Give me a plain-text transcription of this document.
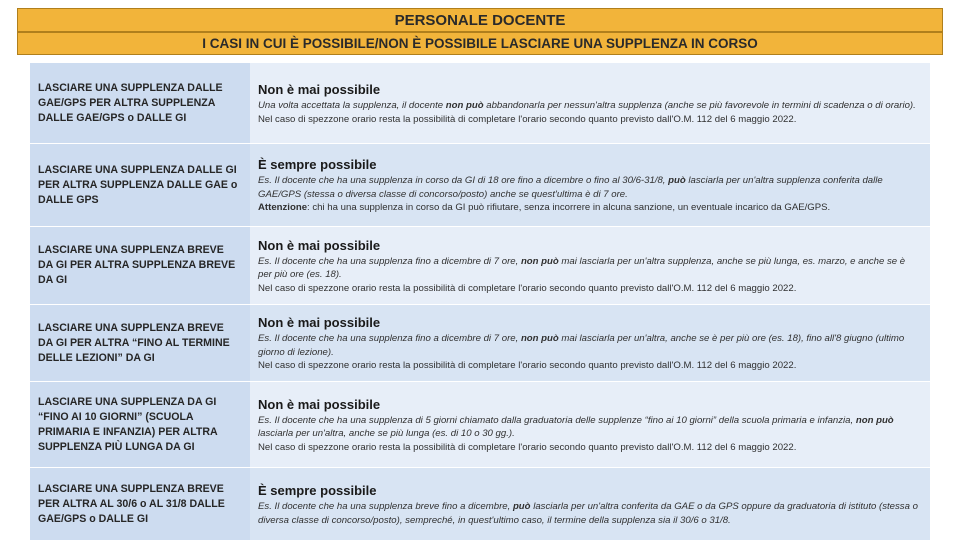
PERSONALE DOCENTE
I CASI IN CUI È POSSIBILE/NON È POSSIBILE LASCIARE UNA SUPPLENZA IN CORSO
LASCIARE UNA SUPPLENZA DALLE GAE/GPS PER ALTRA SUPPLENZA DALLE GAE/GPS o DALLE GI
Non è mai possibile
Una volta accettata la supplenza, il docente non può abbandonarla per nessun'altra supplenza (anche se più favorevole in termini di scadenza o di orario).
Nel caso di spezzone orario resta la possibilità di completare l'orario secondo quanto previsto dall'O.M. 112 del 6 maggio 2022.
LASCIARE UNA SUPPLENZA DALLE GI PER ALTRA SUPPLENZA DALLE GAE o DALLE GPS
È sempre possibile
Es. Il docente che ha una supplenza in corso da GI di 18 ore fino a dicembre o fino al 30/6-31/8, può lasciarla per un'altra supplenza conferita dalle GAE/GPS (stessa o diversa classe di concorso/posto) anche se quest'ultima è di 7 ore.
Attenzione: chi ha una supplenza in corso da GI può rifiutare, senza incorrere in alcuna sanzione, un eventuale incarico da GAE/GPS.
LASCIARE UNA SUPPLENZA BREVE DA GI PER ALTRA SUPPLENZA BREVE DA GI
Non è mai possibile
Es. Il docente che ha una supplenza fino a dicembre di 7 ore, non può mai lasciarla per un'altra supplenza, anche se più lunga, es. marzo, e anche se è per più ore (es. 18).
Nel caso di spezzone orario resta la possibilità di completare l'orario secondo quanto previsto dall'O.M. 112 del 6 maggio 2022.
LASCIARE UNA SUPPLENZA BREVE DA GI PER ALTRA “FINO AL TERMINE DELLE LEZIONI” DA GI
Non è mai possibile
Es. Il docente che ha una supplenza fino a dicembre di 7 ore, non può mai lasciarla per un'altra, anche se è per più ore (es. 18), fino all'8 giugno (ultimo giorno di lezione).
Nel caso di spezzone orario resta la possibilità di completare l'orario secondo quanto previsto dall'O.M. 112 del 6 maggio 2022.
LASCIARE UNA SUPPLENZA DA GI “FINO AI 10 GIORNI” (SCUOLA PRIMARIA E INFANZIA) PER ALTRA SUPPLENZA PIÙ LUNGA DA GI
Non è mai possibile
Es. Il docente che ha una supplenza di 5 giorni chiamato dalla graduatoria delle supplenze “fino ai 10 giorni” della scuola primaria e infanzia, non può lasciarla per un'altra, anche se più lunga (es. di 10 o 30 gg.).
Nel caso di spezzone orario resta la possibilità di completare l'orario secondo quanto previsto dall'O.M. 112 del 6 maggio 2022.
LASCIARE UNA SUPPLENZA BREVE PER ALTRA AL 30/6 o AL 31/8 DALLE GAE/GPS o DALLE GI
È sempre possibile
Es. Il docente che ha una supplenza breve fino a dicembre, può lasciarla per un'altra conferita da GAE o da GPS oppure da graduatoria di istituto (stessa o diversa classe di concorso/posto), sempreché, in quest'ultimo caso, il termine della supplenza sia il 30/6 o 31/8.
